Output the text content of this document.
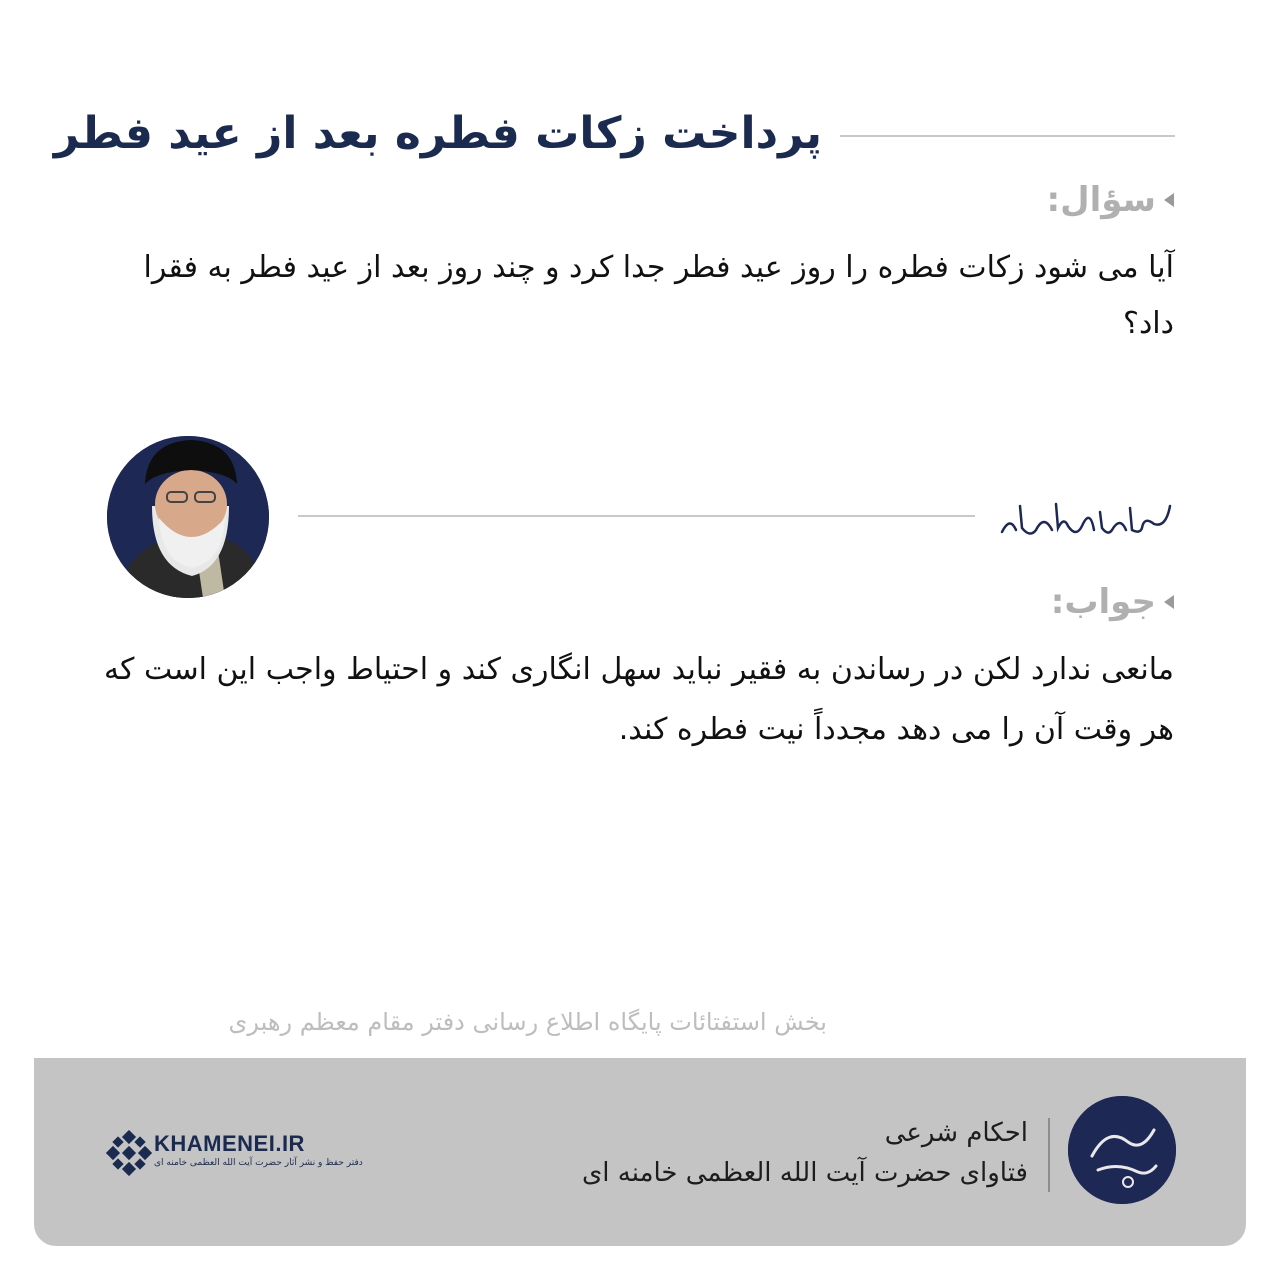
پرداخت زکات فطره بعد از عید فطر
سؤال:
آیا می شود زکات فطره را روز عید فطر جدا کرد و چند روز بعد از عید فطر به فقرا داد؟
جواب:
مانعی ندارد لکن در رساندن به فقیر نباید سهل انگاری کند و احتیاط واجب این است که هر وقت آن را می دهد مجدداً نیت فطره کند.
بخش استفتائات پایگاه اطلاع رسانی دفتر مقام معظم رهبری
احکام شرعی
فتاوای حضرت آیت الله العظمی خامنه ای
KHAMENEI.IR
دفتر حفظ و نشر آثار حضرت آیت الله العظمی خامنه ای
